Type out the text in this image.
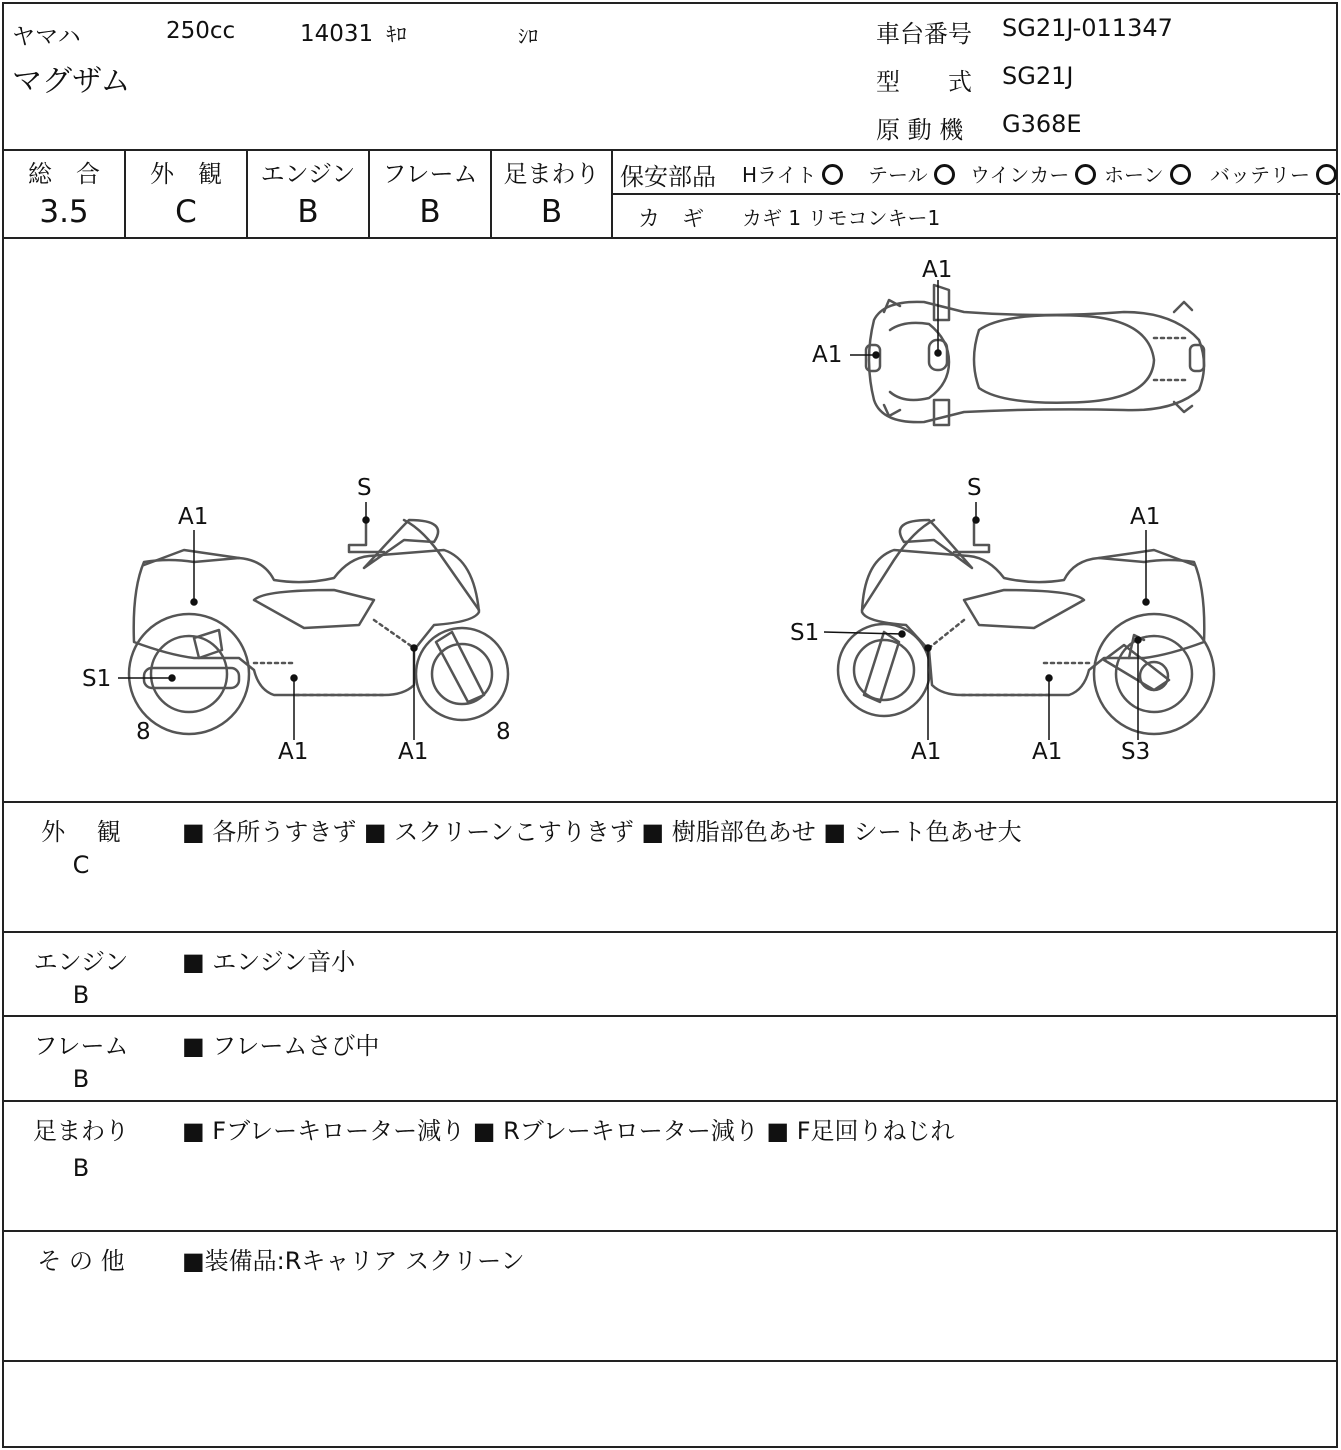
ヤマハ	250cc	14031 ｷﾛ	ｼﾛ
マグザム
車台番号 SG21J-011347
型　　式 SG21J
原 動 機 G368E
総　合
3.5
外　観
C
エンジン
B
フレーム
B
足まわり
B
保安部品 Hライト	テール	ウインカー	ホーン	バッテリー
カ　ギ カギ 1 リモコンキー1
A1
A1
A1
S
S1
8
A1	A1
8
S
A1
S1
A1	A1	S3
外　 観
C
■ 各所うすきず ■ スクリーンこすりきず ■ 樹脂部色あせ ■ シート色あせ大
エンジン
B
■ エンジン音小
フレーム
B
■ フレームさび中
足まわり
B
■ Fブレーキローター減り ■ Rブレーキローター減り ■ F足回りねじれ
そ の 他	■装備品:Rキャリア スクリーン
